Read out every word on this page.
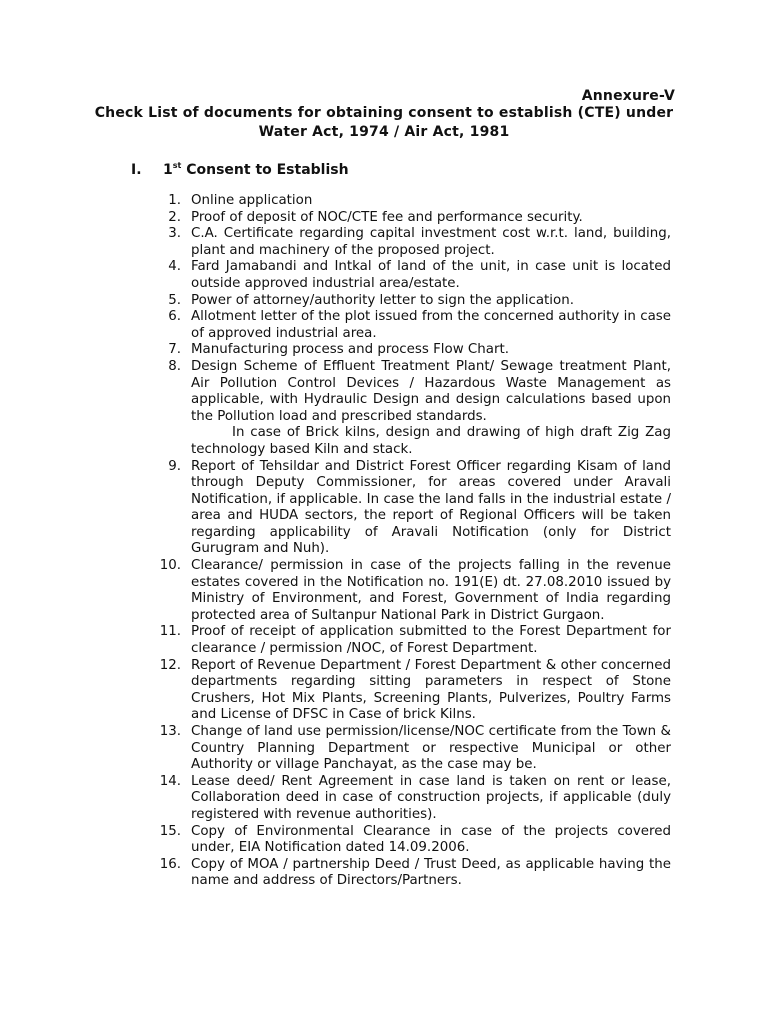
Annexure-V
Check List of documents for obtaining consent to establish (CTE) under
Water Act, 1974 / Air Act, 1981
I. 1st Consent to Establish
1. Online application
2. Proof of deposit of NOC/CTE fee and performance security.
3. C.A. Certificate regarding capital investment cost w.r.t. land, building, plant and machinery of the proposed project.
4. Fard Jamabandi and Intkal of land of the unit, in case unit is located outside approved industrial area/estate.
5. Power of attorney/authority letter to sign the application.
6. Allotment letter of the plot issued from the concerned authority in case of approved industrial area.
7. Manufacturing process and process Flow Chart.
8. Design Scheme of Effluent Treatment Plant/ Sewage treatment Plant, Air Pollution Control Devices / Hazardous Waste Management as applicable, with Hydraulic Design and design calculations based upon the Pollution load and prescribed standards.

In case of Brick kilns, design and drawing of high draft Zig Zag technology based Kiln and stack.

9. Report of Tehsildar and District Forest Officer regarding Kisam of land through Deputy Commissioner, for areas covered under Aravali Notification, if applicable. In case the land falls in the industrial estate / area and HUDA sectors, the report of Regional Officers will be taken regarding applicability of Aravali Notification (only for District Gurugram and Nuh).
10. Clearance/ permission in case of the projects falling in the revenue estates covered in the Notification no. 191(E) dt. 27.08.2010 issued by Ministry of Environment, and Forest, Government of India regarding protected area of Sultanpur National Park in District Gurgaon.
11. Proof of receipt of application submitted to the Forest Department for clearance / permission /NOC, of Forest Department.
12. Report of Revenue Department / Forest Department & other concerned departments regarding sitting parameters in respect of Stone Crushers, Hot Mix Plants, Screening Plants, Pulverizes, Poultry Farms and License of DFSC in Case of brick Kilns.
13. Change of land use permission/license/NOC certificate from the Town & Country Planning Department or respective Municipal or other Authority or village Panchayat, as the case may be.
14. Lease deed/ Rent Agreement in case land is taken on rent or lease, Collaboration deed in case of construction projects, if applicable (duly registered with revenue authorities).
15. Copy of Environmental Clearance in case of the projects covered under, EIA Notification dated 14.09.2006.
16. Copy of MOA / partnership Deed / Trust Deed, as applicable having the name and address of Directors/Partners.
